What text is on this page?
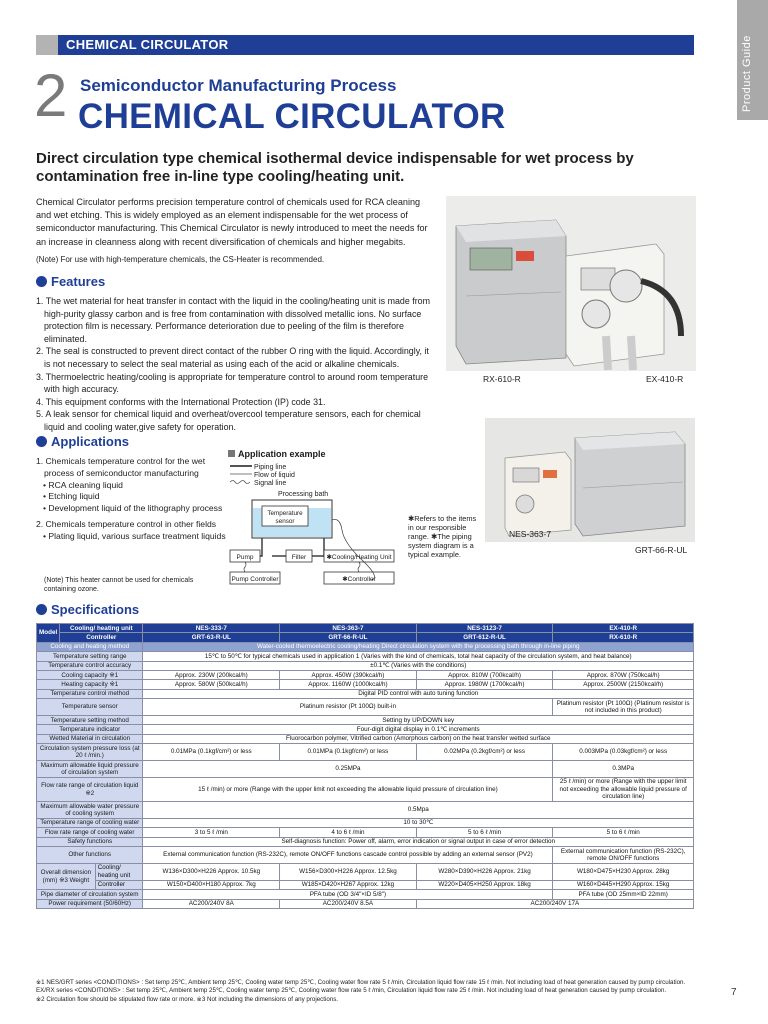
Product Guide
CHEMICAL CIRCULATOR
2 Semiconductor Manufacturing Process
CHEMICAL CIRCULATOR
Direct circulation type chemical isothermal device indispensable for wet process by contamination free in-line type cooling/heating unit.
Chemical Circulator performs precision temperature control of chemicals used for RCA cleaning and wet etching. This is widely employed as an element indispensable for the wet process of semiconductor manufacturing. This Chemical Circulator is newly introduced to meet the needs for an increase in cleanness along with recent diversification of chemicals and higher megabits.
(Note) For use with high-temperature chemicals, the CS-Heater is recommended.
Features
1. The wet material for heat transfer in contact with the liquid in the cooling/heating unit is made from high-purity glassy carbon and is free from contamination with dissolved metallic ions. No surface protection film is necessary. Performance deterioration due to peeling of the film is therefore eliminated.
2. The seal is constructed to prevent direct contact of the rubber O ring with the liquid. Accordingly, it is not necessary to select the seal material as using each of the acid or alkaline chemicals.
3. Thermoelectric heating/cooling is appropriate for temperature control to around room temperature with high accuracy.
4. This equipment conforms with the International Protection (IP) code 31.
5. A leak sensor for chemical liquid and overheat/overcool temperature sensors, each for chemical liquid and cooling water,give safety for operation.
Applications
1. Chemicals temperature control for the wet process of semiconductor manufacturing
• RCA cleaning liquid
• Etching liquid
• Development liquid of the lithography process
2. Chemicals temperature control in other fields
• Plating liquid, various surface treatment liquids
(Note) This heater cannot be used for chemicals containing ozone.
Application example
Piping line
Flow of liquid
Signal line
Processing bath
Temperature
sensor
Pump	Filter	✱Cooling/Heating Unit
Pump Controller	✱Controller
✱Refers to the items in our responsible range. ✱The piping system diagram is a typical example.
RX-610-R	EX-410-R
NES-363-7
GRT-66-R-UL
Specifications
Model	Cooling/ heating unit		NES-333-7	NES-363-7	NES-3123-7	EX-410-R
	Controller		GRT-63-R-UL	GRT-66-R-UL	GRT-612-R-UL	RX-610-R
Cooling and heating method			Water-cooled thermoelectric cooling/heating Direct circulation system with the processing bath through in-line piping			
Temperature setting range			15℃ to 50℃ for typical chemicals used in application 1 (Varies with the kind of chemicals, total heat capacity of the circulation system, and heat balance)			
Temperature control accuracy			±0.1℃ (Varies with the conditions)			
Cooling capacity ※1			Approx. 230W (200kcal/h)	Approx. 450W (390kcal/h)	Approx. 810W (700kcal/h)	Approx. 870W (750kcal/h)
Heating capacity ※1			Approx. 580W (500kcal/h)	Approx. 1160W (1000kcal/h)	Approx. 1980W (1700kcal/h)	Approx. 2500W (2150kcal/h)
Temperature control method			Digital PID control with auto tuning function			
Temperature sensor			Platinum resistor (Pt 100Ω) built-in			Platinum resistor (Pt 100Ω) (Platinum resistor is not included in this product)
Temperature setting method			Setting by UP/DOWN key			
Temperature indicator			Four-digit digital display in 0.1℃ increments			
Wetted Material in circulation			Fluorocarbon polymer, Vitrified carbon (Amorphous carbon) on the heat transfer wetted surface			
Circulation system pressure loss (at 20 ℓ /min.)			0.01MPa (0.1kgf/cm²) or less	0.01MPa (0.1kgf/cm²) or less	0.02MPa (0.2kgf/cm²) or less	0.003MPa (0.03kgf/cm²) or less
Maximum allowable liquid pressure of circulation system			0.25MPa			0.3MPa
Flow rate range of circulation liquid ※2			15 ℓ /min) or more (Range with the upper limit not exceeding the allowable liquid pressure of circulation line)			25 ℓ /min) or more (Range with the upper limit not exceeding the allowable liquid pressure of circulation line)
Maximum allowable water pressure of cooling system			0.5Mpa			
Temperature range of cooling water			10 to 30℃			
Flow rate range of cooling water			3 to 5 ℓ /min	4 to 6 ℓ /min	5 to 6 ℓ /min	5 to 6 ℓ /min
Safety functions			Self-diagnosis function: Power off, alarm, error indication or signal output in case of error detection			
Other functions			External communication function (RS-232C), remote ON/OFF functions cascade control possible by adding an external sensor (PV2)			External communication function (RS-232C), remote ON/OFF functions
Overall dimension (mm) ※3 Weight		Cooling/ heating unit	W136×D300×H226 Approx. 10.5kg	W156×D300×H226 Approx. 12.5kg	W280×D390×H226 Approx. 21kg	W180×D475×H230 Approx. 28kg
		Controller	W150×D400×H180 Approx. 7kg	W185×D420×H267 Approx. 12kg	W220×D405×H250 Approx. 18kg	W160×D445×H290 Approx. 15kg
Pipe diameter of circulation system			PFA tube (OD 3/4"×ID 5/8")			PFA tube (OD 25mm×ID 22mm)
Power requirement (50/60Hz)			AC200/240V 8A	AC200/240V 8.5A	AC200/240V 17A	
※1 NES/GRT series <CONDITIONS> : Set temp 25℃, Ambient temp 25℃, Cooling water temp 25℃, Cooling water flow rate 5 ℓ /min, Circulation liquid flow rate 15 ℓ /min. Not including load of heat generation caused by pump circulation.
EX/RX series <CONDITIONS> : Set temp 25℃, Ambient temp 25℃, Cooling water temp 25℃, Cooling water flow rate 5 ℓ /min, Circulation liquid flow rate 25 ℓ /min. Not including load of heat generation caused by pump circulation.
※2 Circulation flow should be stipulated flow rate or more. ※3 Not including the dimensions of any projections.
7
